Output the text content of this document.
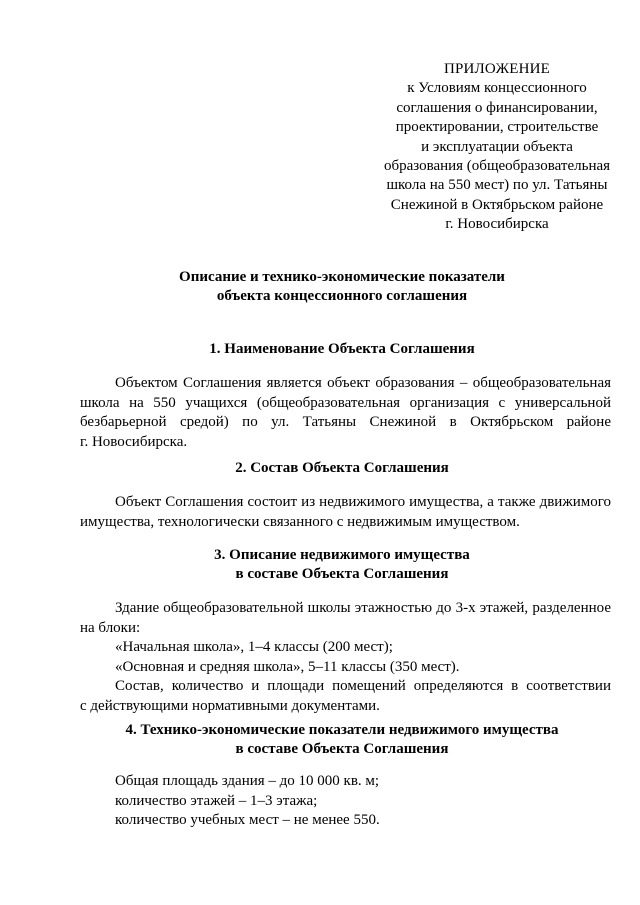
ПРИЛОЖЕНИЕ
к Условиям концессионного
соглашения о финансировании,
проектировании, строительстве
и эксплуатации объекта
образования (общеобразовательная
школа на 550 мест) по ул. Татьяны
Снежиной в Октябрьском районе
г. Новосибирска
Описание и технико-экономические показатели
объекта концессионного соглашения
1. Наименование Объекта Соглашения
Объектом Соглашения является объект образования – общеобразовательная
школа на 550 учащихся (общеобразовательная организация с универсальной
безбарьерной средой) по ул. Татьяны Снежиной в Октябрьском районе
г. Новосибирска.
2. Состав Объекта Соглашения
Объект Соглашения состоит из недвижимого имущества, а также движимого
имущества, технологически связанного с недвижимым имуществом.
3. Описание недвижимого имущества
в составе Объекта Соглашения
Здание общеобразовательной школы этажностью до 3-х этажей, разделенное
на блоки:
«Начальная школа», 1–4 классы (200 мест);
«Основная и средняя школа», 5–11 классы (350 мест).
Состав, количество и площади помещений определяются в соответствии
с действующими нормативными документами.
4. Технико-экономические показатели недвижимого имущества
в составе Объекта Соглашения
Общая площадь здания – до 10 000 кв. м;
количество этажей – 1–3 этажа;
количество учебных мест – не менее 550.
